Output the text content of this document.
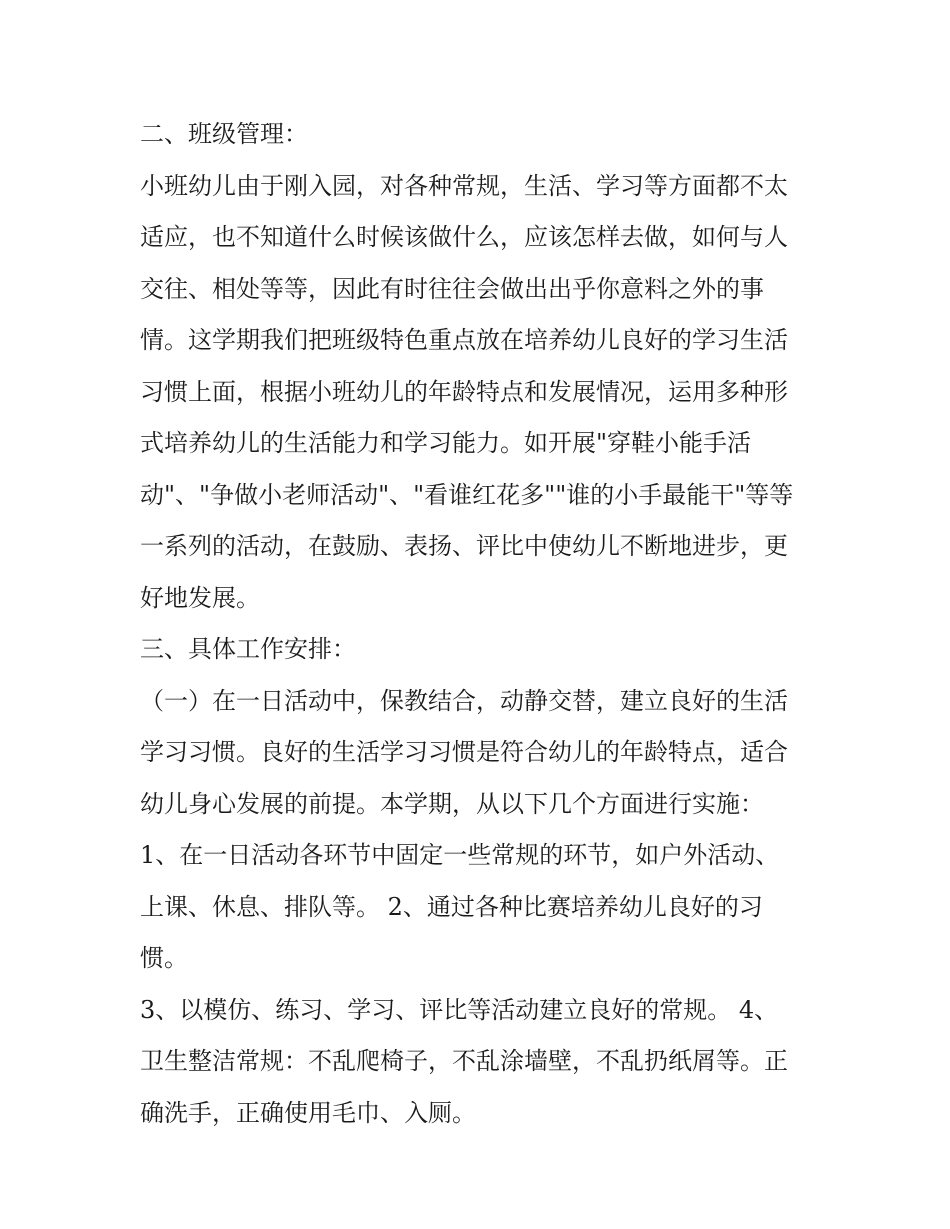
二、班级管理：

小班幼儿由于刚入园，对各种常规，生活、学习等方面都不太
适应，也不知道什么时候该做什么，应该怎样去做，如何与人
交往、相处等等，因此有时往往会做出出乎你意料之外的事
情。这学期我们把班级特色重点放在培养幼儿良好的学习生活
习惯上面，根据小班幼儿的年龄特点和发展情况，运用多种形
式培养幼儿的生活能力和学习能力。如开展"穿鞋小能手活
动"、"争做小老师活动"、"看谁红花多""谁的小手最能干"等等
一系列的活动，在鼓励、表扬、评比中使幼儿不断地进步，更
好地发展。

三、具体工作安排：

（一）在一日活动中，保教结合，动静交替，建立良好的生活
学习习惯。良好的生活学习习惯是符合幼儿的年龄特点，适合
幼儿身心发展的前提。本学期，从以下几个方面进行实施：

1、在一日活动各环节中固定一些常规的环节，如户外活动、
上课、休息、排队等。 2、通过各种比赛培养幼儿良好的习
惯。

3、以模仿、练习、学习、评比等活动建立良好的常规。 4、
卫生整洁常规：不乱爬椅子，不乱涂墙壁，不乱扔纸屑等。正
确洗手，正确使用毛巾、入厕。
